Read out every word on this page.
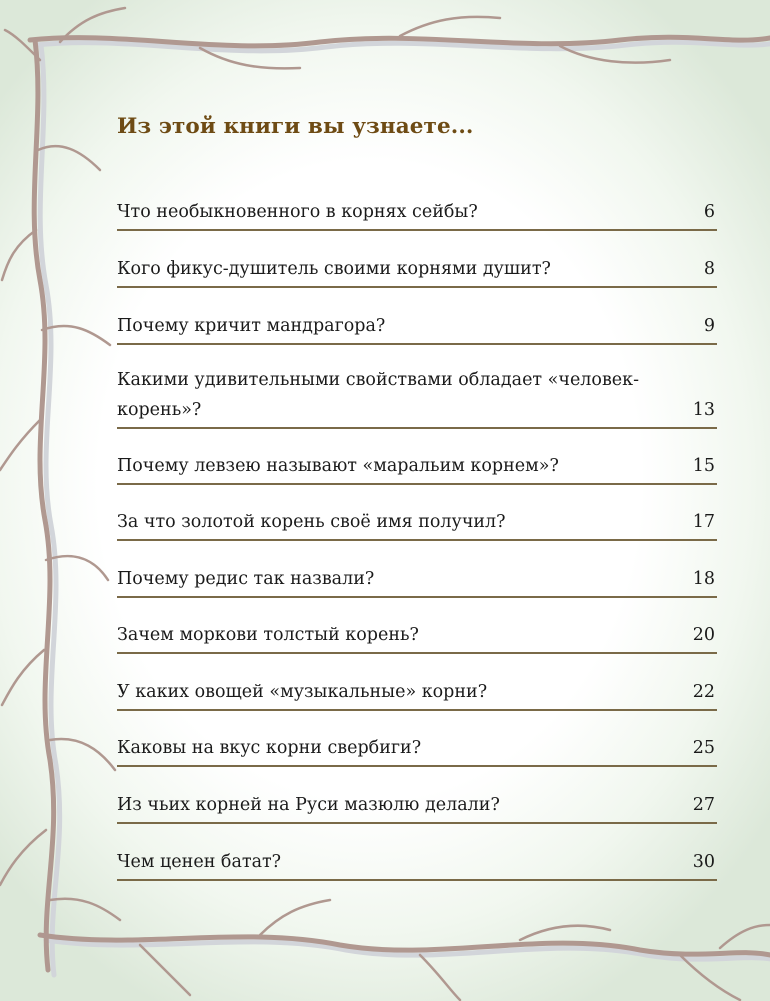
Из этой книги вы узнаете...
Что необыкновенного в корнях сейбы?	6
Кого фикус-душитель своими корнями душит?	8
Почему кричит мандрагора?	9
Какими удивительными свойствами обладает «человек-корень»?	13
Почему левзею называют «маральим корнем»?	15
За что золотой корень своё имя получил?	17
Почему редис так назвали?	18
Зачем моркови толстый корень?	20
У каких овощей «музыкальные» корни?	22
Каковы на вкус корни свербиги?	25
Из чьих корней на Руси мазюлю делали?	27
Чем ценен батат?	30
